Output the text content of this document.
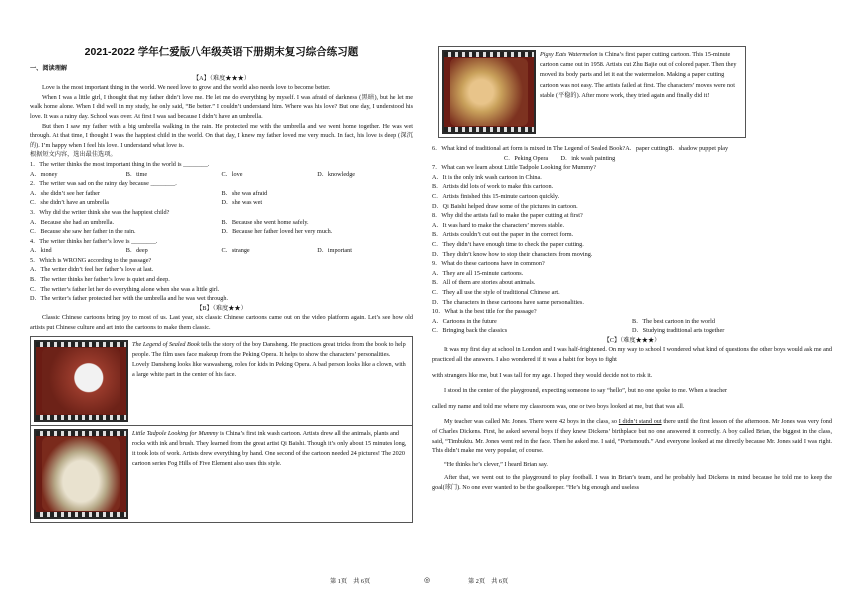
2021-2022 学年仁爱版八年级英语下册期末复习综合练习题
一、阅读理解
【A】（难度★★★）

Love is the most important thing in the world. We need love to grow and the world also needs love to become better.

When I was a little girl, I thought that my father didn’t love me. He let me do everything by myself. I was afraid of darkness (黑暗), but he let me walk home alone. When I did well in my study, he only said, “Be better.” I couldn’t understand him. Where was his love? But one day, I understood his love. It was a rainy day. School was over. At first I was sad because I didn’t have an umbrella.

But then I saw my father with a big umbrella walking in the rain. He protected me with the umbrella and we went home together. He was wet through. At that time, I thought I was the happiest child in the world. On that day, I knew my father loved me very much. In fact, his love is deep (深沉的). I’m happy when I feel his love. I understand what love is.

根据短文内容，选出最佳选项。
1．The writer thinks the most important thing in the world is ________.
A．money	B．time	C．love	D．knowledge
2．The writer was sad on the rainy day because ________.
A．she didn’t see her father	B．she was afraid
C．she didn’t have an umbrella	D．she was wet
3．Why did the writer think she was the happiest child?
A．Because she had an umbrella.	B．Because she went home safely.
C．Because she saw her father in the rain.	D．Because her father loved her very much.
4．The writer thinks her father’s love is ________.
A．kind	B．deep	C．strange	D．important
5．Which is WRONG according to the passage?
A．The writer didn’t feel her father’s love at last.
B．The writer thinks her father’s love is quiet and deep.
C．The writer’s father let her do everything alone when she was a little girl.
D．The writer’s father protected her with the umbrella and he was wet through.
【B】（难度★★）

Classic Chinese cartoons bring joy to most of us. Last year, six classic Chinese cartoons came out on the video platform again. Let’s see how old artists put Chinese culture and art into the cartoons to make them classic.

The Legend of Sealed Book tells the story of the boy Dansheng. He practices great tricks from the book to help people. The film uses face makeup from the Peking Opera. It helps to show the characters’ personalities. Lovely Dansheng looks like wawasheng, roles for kids in Peking Opera. A bad person looks like a clown, with a large white part in the center of his face.
Little Tadpole Looking for Mummy is China’s first ink wash cartoon. Artists drew all the animals, plants and rocks with ink and brush. They learned from the great artist Qi Baishi. Though it’s only about 15 minutes long, it took lots of work. Artists drew everything by hand. One second of the cartoon needed 24 pictures! The 2020 cartoon series Fog Hills of Five Element also uses this style.
Pigsy Eats Watermelon is China’s first paper cutting cartoon. This 15-minute cartoon came out in 1958. Artists cut Zhu Bajie out of colored paper. Then they moved its body parts and let it eat the watermelon. Making a paper cutting cartoon was not easy. The artists failed at first. The characters’ moves were not stable (平稳的). After more work, they tried again and finally did it!
6．What kind of traditional art form is mixed in The Legend of Sealed Book?A．paper cuttingB．shadow puppet play
C．Peking Opera　　D．ink wash painting
7．What can we learn about Little Tadpole Looking for Mummy?
A．It is the only ink wash cartoon in China.
B．Artists did lots of work to make this cartoon.
C．Artists finished this 15-minute cartoon quickly.
D．Qi Baishi helped draw some of the pictures in cartoon.
8．Why did the artists fail to make the paper cutting at first?
A．It was hard to make the characters’ moves stable.
B．Artists couldn’t cut out the paper in the correct form.
C．They didn’t have enough time to check the paper cutting.
D．They didn’t know how to stop their characters from moving.
9．What do these cartoons have in common?
A．They are all 15-minute cartoons.
B．All of them are stories about animals.
C．They all use the style of traditional Chinese art.
D．The characters in these cartoons have same personalities.
10．What is the best title for the passage?
A．Cartoons in the future	B．The best cartoon in the world
C．Bringing back the classics	D．Studying traditional arts together
【C】（难度★★★）

It was my first day at school in London and I was half-frightened. On my way to school I wondered what kind of questions the other boys would ask me and practiced all the answers. I also wondered if it was a habit for boys to fight

with strangers like me, but I was tall for my age. I hoped they would decide not to risk it.

I stood in the center of the playground, expecting someone to say “hello”, but no one spoke to me. When a teacher

called my name and told me where my classroom was, one or two boys looked at me, but that was all.

My teacher was called Mr. Jones. There were 42 boys in the class, so I didn’t stand out there until the first lesson of the afternoon. Mr Jones was very fond of Charles Dickens. First, he asked several boys if they knew Dickens’ birthplace but no one answered it correctly. A boy called Brian, the biggest in the class, said, “Timbuktu. Mr. Jones went red in the face. Then he asked me. I said, “Portsmouth.” And everyone looked at me directly because Mr. Jones said I was right. This didn’t make me very popular, of course.

“He thinks he’s clever,” I heard Brian say.

After that, we went out to the playground to play football. I was in Brian’s team, and he probably had Dickens in mind because he told me to keep the goal(球门). No one ever wanted to be the goalkeeper. “He’s big enough and useless

第 1页　共 6页	◎	第 2页　共 6页
